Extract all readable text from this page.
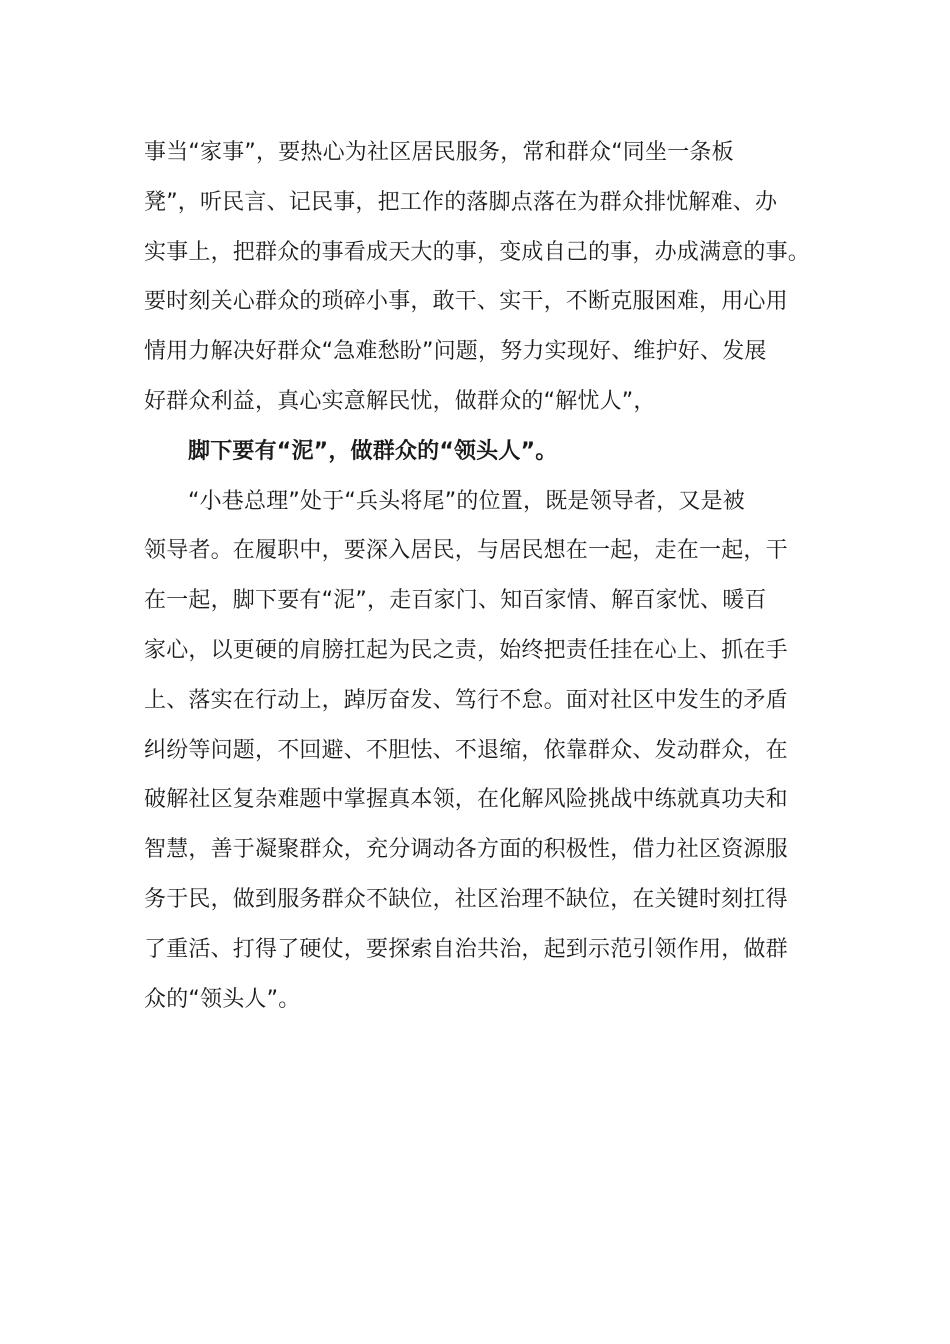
事当“家事”，要热心为社区居民服务，常和群众“同坐一条板
凳”，听民言、记民事，把工作的落脚点落在为群众排忧解难、办
实事上，把群众的事看成天大的事，变成自己的事，办成满意的事。
要时刻关心群众的琐碎小事，敢干、实干，不断克服困难，用心用
情用力解决好群众“急难愁盼”问题，努力实现好、维护好、发展
好群众利益，真心实意解民忧，做群众的“解忧人”，
脚下要有“泥”，做群众的“领头人”。
“小巷总理”处于“兵头将尾”的位置，既是领导者，又是被
领导者。在履职中，要深入居民，与居民想在一起，走在一起，干
在一起，脚下要有“泥”，走百家门、知百家情、解百家忧、暖百
家心，以更硬的肩膀扛起为民之责，始终把责任挂在心上、抓在手
上、落实在行动上，踔厉奋发、笃行不怠。面对社区中发生的矛盾
纠纷等问题，不回避、不胆怯、不退缩，依靠群众、发动群众，在
破解社区复杂难题中掌握真本领，在化解风险挑战中练就真功夫和
智慧，善于凝聚群众，充分调动各方面的积极性，借力社区资源服
务于民，做到服务群众不缺位，社区治理不缺位，在关键时刻扛得
了重活、打得了硬仗，要探索自治共治，起到示范引领作用，做群
众的“领头人”。
